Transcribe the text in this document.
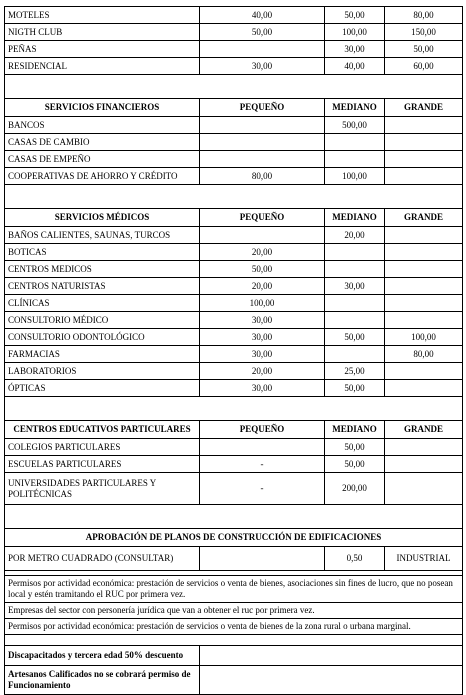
MOTELES	40,00	50,00	80,00
NIGTH CLUB	50,00	100,00	150,00
PEÑAS		30,00	50,00
RESIDENCIAL	30,00	40,00	60,00

SERVICIOS FINANCIEROS	PEQUEÑO	MEDIANO	GRANDE
BANCOS		500,00	
CASAS DE CAMBIO			
CASAS DE EMPEÑO			
COOPERATIVAS DE AHORRO Y CRÉDITO	80,00	100,00	

SERVICIOS MÉDICOS	PEQUEÑO	MEDIANO	GRANDE
BAÑOS CALIENTES, SAUNAS, TURCOS		20,00	
BOTICAS	20,00		
CENTROS MEDICOS	50,00		
CENTROS NATURISTAS	20,00	30,00	
CLÍNICAS	100,00		
CONSULTORIO MÉDICO	30,00		
CONSULTORIO ODONTOLÓGICO	30,00	50,00	100,00
FARMACIAS	30,00		80,00
LABORATORIOS	20,00	25,00	
ÓPTICAS	30,00	50,00	

CENTROS EDUCATIVOS PARTICULARES	PEQUEÑO	MEDIANO	GRANDE
COLEGIOS PARTICULARES		50,00	
ESCUELAS PARTICULARES	-	50,00	
UNIVERSIDADES PARTICULARES Y POLITÉCNICAS	-	200,00	

APROBACIÓN DE PLANOS DE CONSTRUCCIÓN DE EDIFICACIONES			
POR METRO CUADRADO (CONSULTAR)		0,50	INDUSTRIAL

Permisos por actividad económica: prestación de servicios o venta de bienes, asociaciones sin fines de lucro, que no posean local y estén tramitando el RUC por primera vez.			
Empresas del sector con personería jurídica que van a obtener el ruc por primera vez.			
Permisos por actividad económica: prestación de servicios o venta de bienes de la zona rural o urbana marginal.			

Discapacitados y tercera edad 50% descuento			
Artesanos Calificados no se cobrará permiso de Funcionamiento			
